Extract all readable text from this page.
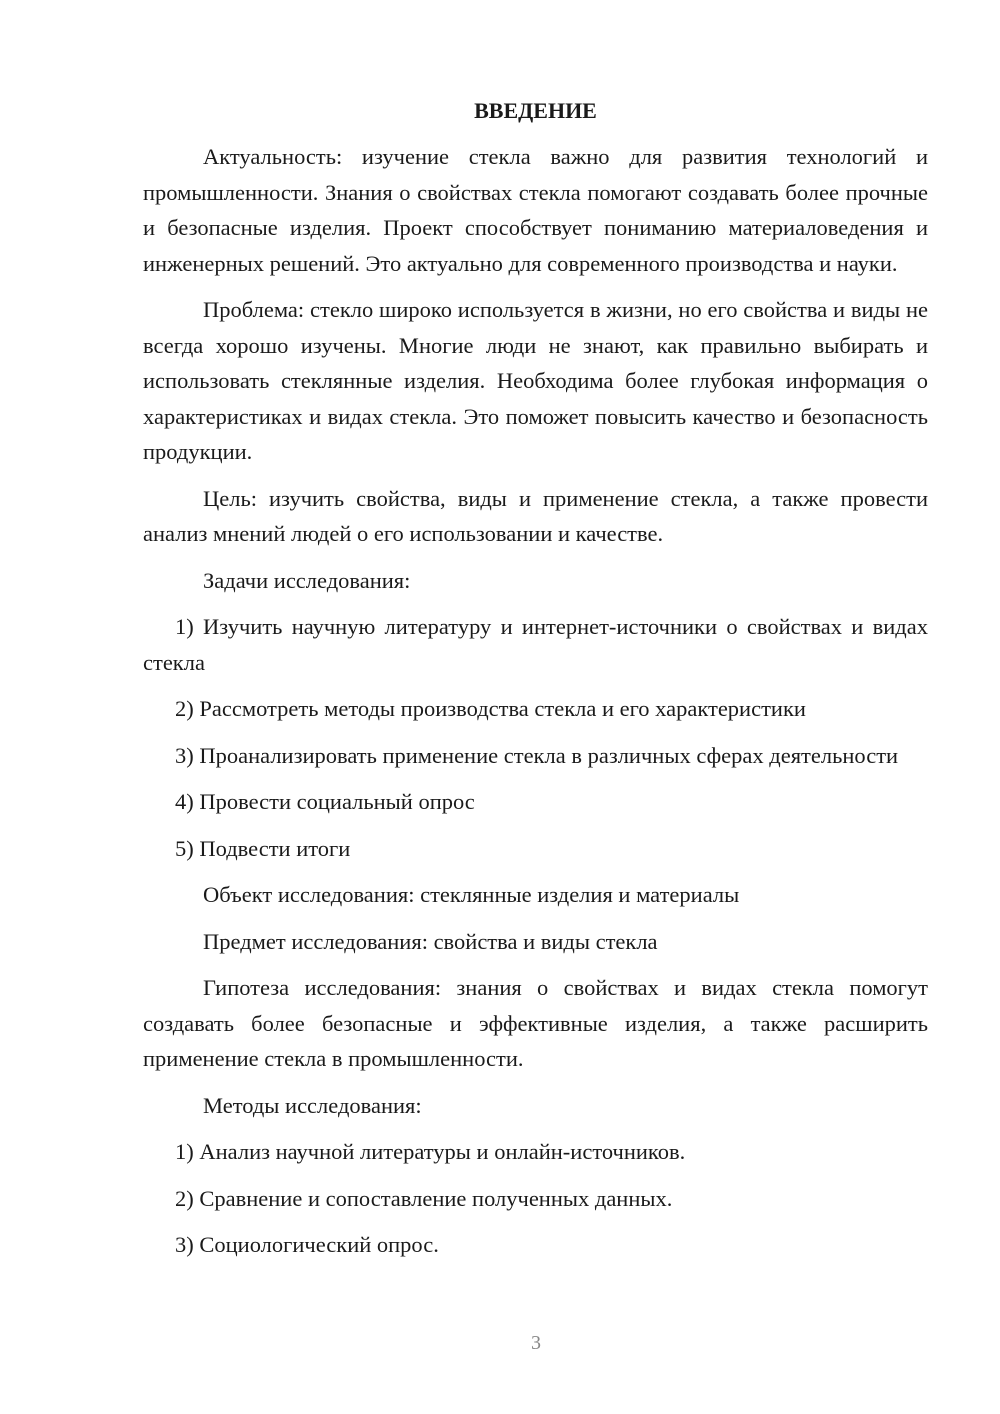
ВВЕДЕНИЕ

Актуальность: изучение стекла важно для развития технологий и промышленности. Знания о свойствах стекла помогают создавать более прочные и безопасные изделия. Проект способствует пониманию материаловедения и инженерных решений. Это актуально для современного производства и науки.

Проблема: стекло широко используется в жизни, но его свойства и виды не всегда хорошо изучены. Многие люди не знают, как правильно выбирать и использовать стеклянные изделия. Необходима более глубокая информация о характеристиках и видах стекла. Это поможет повысить качество и безопасность продукции.

Цель: изучить свойства, виды и применение стекла, а также провести анализ мнений людей о его использовании и качестве.

Задачи исследования:

1) Изучить научную литературу и интернет-источники о свойствах и видах стекла

2) Рассмотреть методы производства стекла и его характеристики

3) Проанализировать применение стекла в различных сферах деятельности

4) Провести социальный опрос

5) Подвести итоги

Объект исследования: стеклянные изделия и материалы

Предмет исследования: свойства и виды стекла

Гипотеза исследования: знания о свойствах и видах стекла помогут создавать более безопасные и эффективные изделия, а также расширить применение стекла в промышленности.

Методы исследования:

1) Анализ научной литературы и онлайн-источников.

2) Сравнение и сопоставление полученных данных.

3) Социологический опрос.

3
